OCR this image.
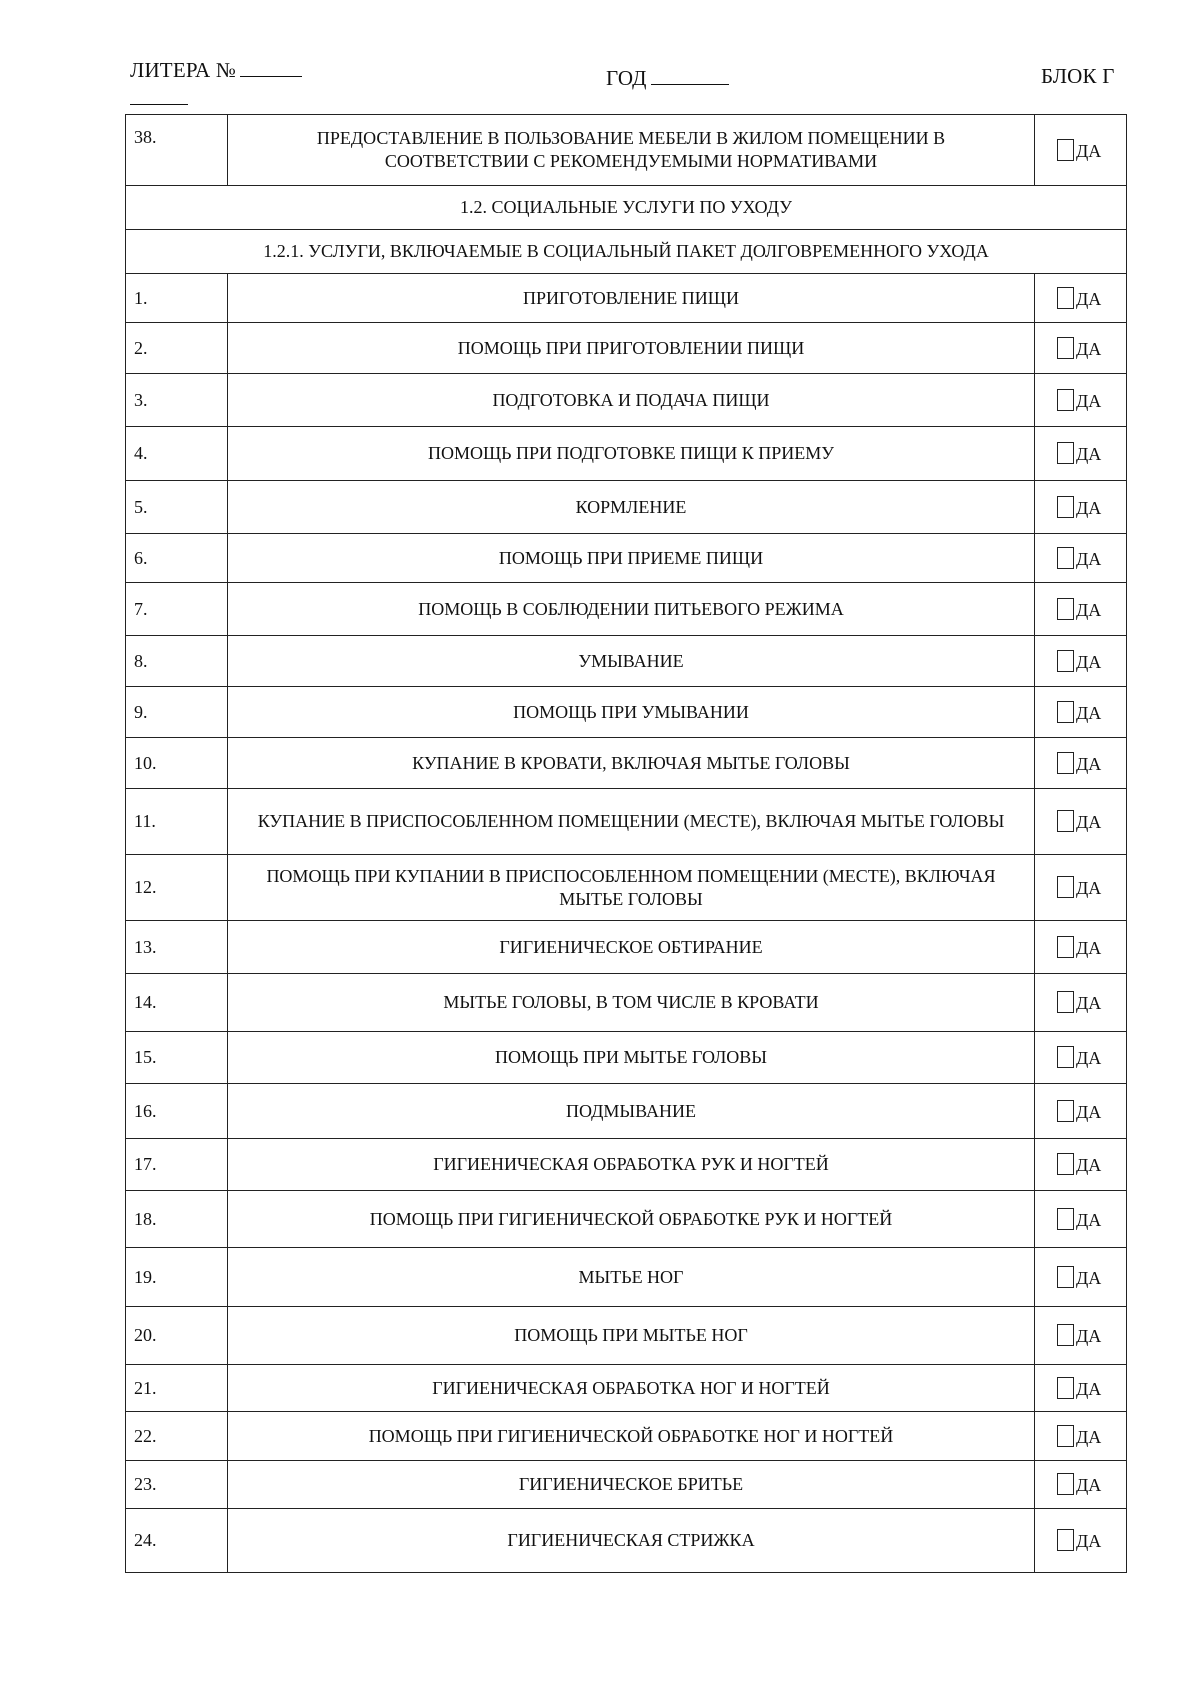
ЛИТЕРА №	ГОД	БЛОК Г
38.	ПРЕДОСТАВЛЕНИЕ В ПОЛЬЗОВАНИЕ МЕБЕЛИ В ЖИЛОМ ПОМЕЩЕНИИ В СООТВЕТСТВИИ С РЕКОМЕНДУЕМЫМИ НОРМАТИВАМИ	ДА
1.2. СОЦИАЛЬНЫЕ УСЛУГИ ПО УХОДУ		
1.2.1. УСЛУГИ, ВКЛЮЧАЕМЫЕ В СОЦИАЛЬНЫЙ ПАКЕТ ДОЛГОВРЕМЕННОГО УХОДА		
1.	ПРИГОТОВЛЕНИЕ ПИЩИ	ДА
2.	ПОМОЩЬ ПРИ ПРИГОТОВЛЕНИИ ПИЩИ	ДА
3.	ПОДГОТОВКА И ПОДАЧА ПИЩИ	ДА
4.	ПОМОЩЬ ПРИ ПОДГОТОВКЕ ПИЩИ К ПРИЕМУ	ДА
5.	КОРМЛЕНИЕ	ДА
6.	ПОМОЩЬ ПРИ ПРИЕМЕ ПИЩИ	ДА
7.	ПОМОЩЬ В СОБЛЮДЕНИИ ПИТЬЕВОГО РЕЖИМА	ДА
8.	УМЫВАНИЕ	ДА
9.	ПОМОЩЬ ПРИ УМЫВАНИИ	ДА
10.	КУПАНИЕ В КРОВАТИ, ВКЛЮЧАЯ МЫТЬЕ ГОЛОВЫ	ДА
11.	КУПАНИЕ В ПРИСПОСОБЛЕННОМ ПОМЕЩЕНИИ (МЕСТЕ), ВКЛЮЧАЯ МЫТЬЕ ГОЛОВЫ	ДА
12.	ПОМОЩЬ ПРИ КУПАНИИ В ПРИСПОСОБЛЕННОМ ПОМЕЩЕНИИ (МЕСТЕ), ВКЛЮЧАЯ МЫТЬЕ ГОЛОВЫ	ДА
13.	ГИГИЕНИЧЕСКОЕ ОБТИРАНИЕ	ДА
14.	МЫТЬЕ ГОЛОВЫ, В ТОМ ЧИСЛЕ В КРОВАТИ	ДА
15.	ПОМОЩЬ ПРИ МЫТЬЕ ГОЛОВЫ	ДА
16.	ПОДМЫВАНИЕ	ДА
17.	ГИГИЕНИЧЕСКАЯ ОБРАБОТКА РУК И НОГТЕЙ	ДА
18.	ПОМОЩЬ ПРИ ГИГИЕНИЧЕСКОЙ ОБРАБОТКЕ РУК И НОГТЕЙ	ДА
19.	МЫТЬЕ НОГ	ДА
20.	ПОМОЩЬ ПРИ МЫТЬЕ НОГ	ДА
21.	ГИГИЕНИЧЕСКАЯ ОБРАБОТКА НОГ И НОГТЕЙ	ДА
22.	ПОМОЩЬ ПРИ ГИГИЕНИЧЕСКОЙ ОБРАБОТКЕ НОГ И НОГТЕЙ	ДА
23.	ГИГИЕНИЧЕСКОЕ БРИТЬЕ	ДА
24.	ГИГИЕНИЧЕСКАЯ СТРИЖКА	ДА
